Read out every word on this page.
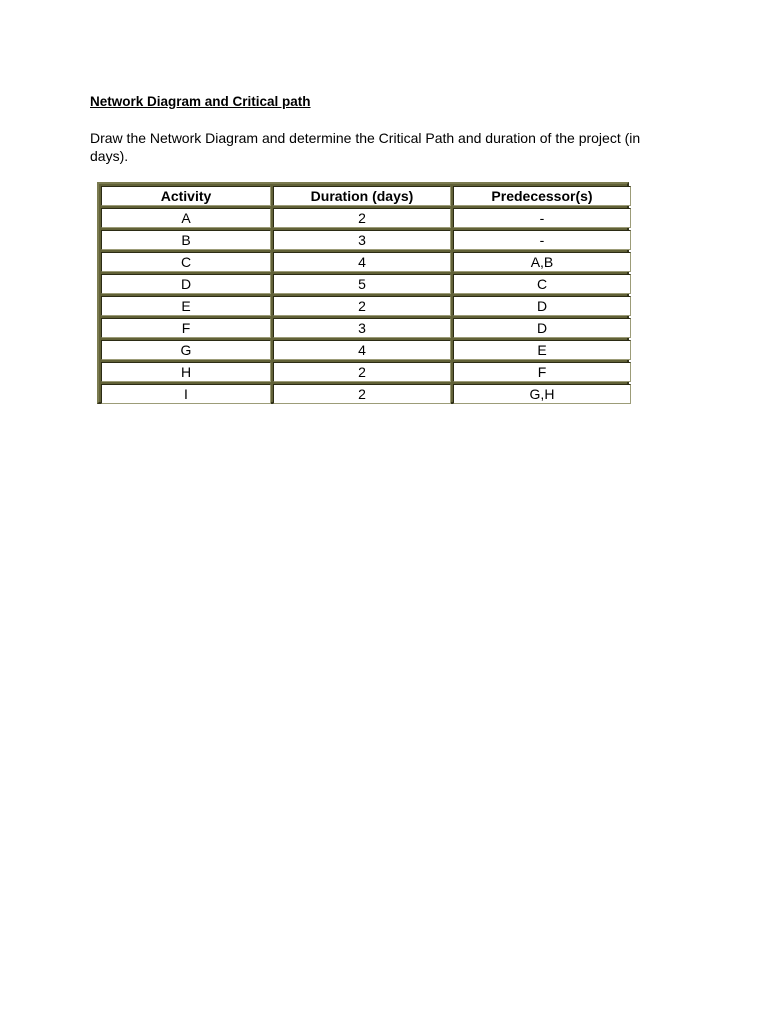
Network Diagram and Critical path
Draw the Network Diagram and determine the Critical Path and duration of the project (in days).
Activity	Duration (days)	Predecessor(s)
A	2	-
B	3	-
C	4	A,B
D	5	C
E	2	D
F	3	D
G	4	E
H	2	F
I	2	G,H
